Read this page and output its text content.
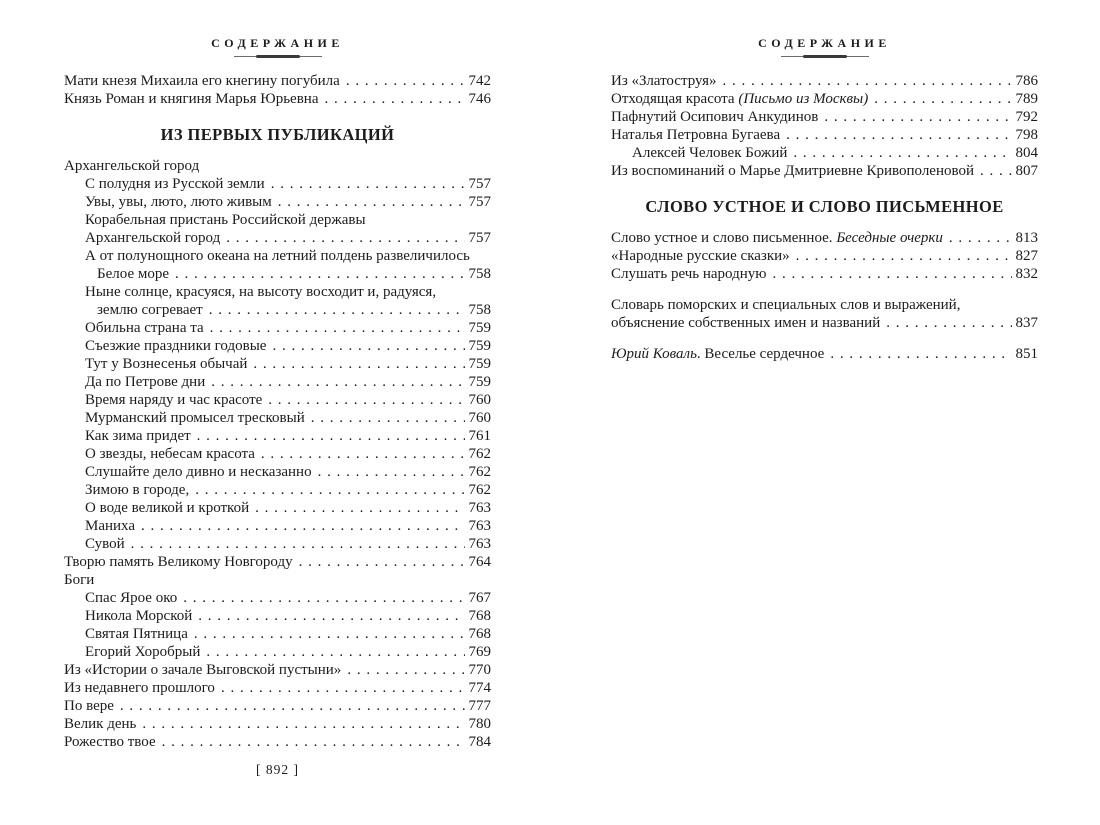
СОДЕРЖАНИЕ
Мати кнезя Михаила его кнегину погубила . . .	742
Князь Роман и княгиня Марья Юрьевна . . .	746
ИЗ ПЕРВЫХ ПУБЛИКАЦИЙ
Архангельской город
С полудня из Русской земли . . .	757
Увы, увы, люто, люто живым . . .	757
Корабельная пристань Российской державы
Архангельской город . . .	757
А от полунощного океана на летний полдень развеличилось
Белое море . . .	758
Ныне солнце, красуяся, на высоту восходит и, радуяся,
землю согревает . . .	758
Обильна страна та . . .	759
Съезжие праздники годовые . . .	759
Тут у Вознесенья обычай . . .	759
Да по Петрове дни . . .	759
Время наряду и час красоте . . .	760
Мурманский промысел тресковый . . .	760
Как зима придет . . .	761
О звезды, небесам красота . . .	762
Слушайте дело дивно и несказанно . . .	762
Зимою в городе, . . .	762
О воде великой и кроткой . . .	763
Маниха . . .	763
Сувой . . .	763
Творю память Великому Новгороду . . .	764
Боги
Спас Ярое око . . .	767
Никола Морской . . .	768
Святая Пятница . . .	768
Егорий Хоробрый . . .	769
Из «Истории о зачале Выговской пустыни» . . .	770
Из недавнего прошлого . . .	774
По вере . . .	777
Велик день . . .	780
Рожество твое . . .	784
[ 892 ]
СОДЕРЖАНИЕ
Из «Златоструя» . . .	786
Отходящая красота (Письмо из Москвы) . . .	789
Пафнутий Осипович Анкудинов . . .	792
Наталья Петровна Бугаева . . .	798
Алексей Человек Божий . . .	804
Из воспоминаний о Марье Дмитриевне Кривополеновой . . .	807
СЛОВО УСТНОЕ И СЛОВО ПИСЬМЕННОЕ
Слово устное и слово письменное. Беседные очерки . . .	813
«Народные русские сказки» . . .	827
Слушать речь народную . . .	832
Словарь поморских и специальных слов и выражений,
объяснение собственных имен и названий . . .	837
Юрий Коваль. Веселье сердечное . . .	851
